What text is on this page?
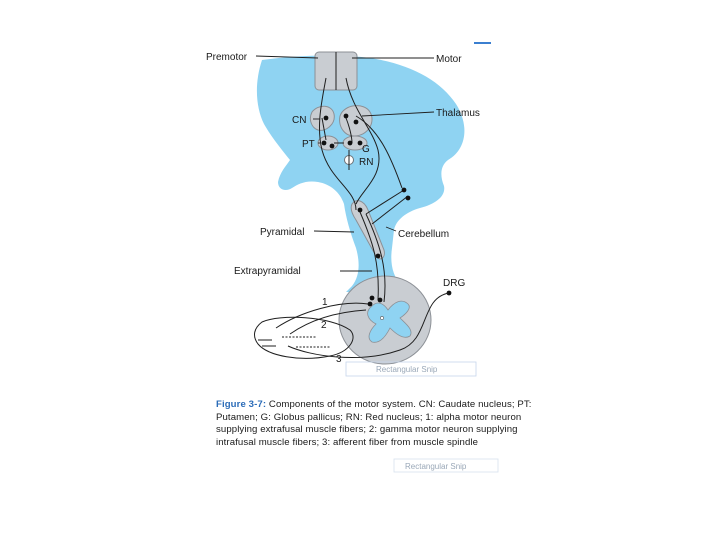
Premotor	Motor
Thalamus
CN
PT	G
RN
Pyramidal	Cerebellum
Extrapyramidal
DRG
1
2
3
Rectangular Snip
Rectangular Snip

Figure 3-7: Components of the motor system. CN: Caudate nucleus; PT: Putamen; G: Globus pallicus; RN: Red nucleus; 1: alpha motor neuron supplying extrafusal muscle fibers; 2: gamma motor neuron supplying intrafusal muscle fibers; 3: afferent fiber from muscle spindle
